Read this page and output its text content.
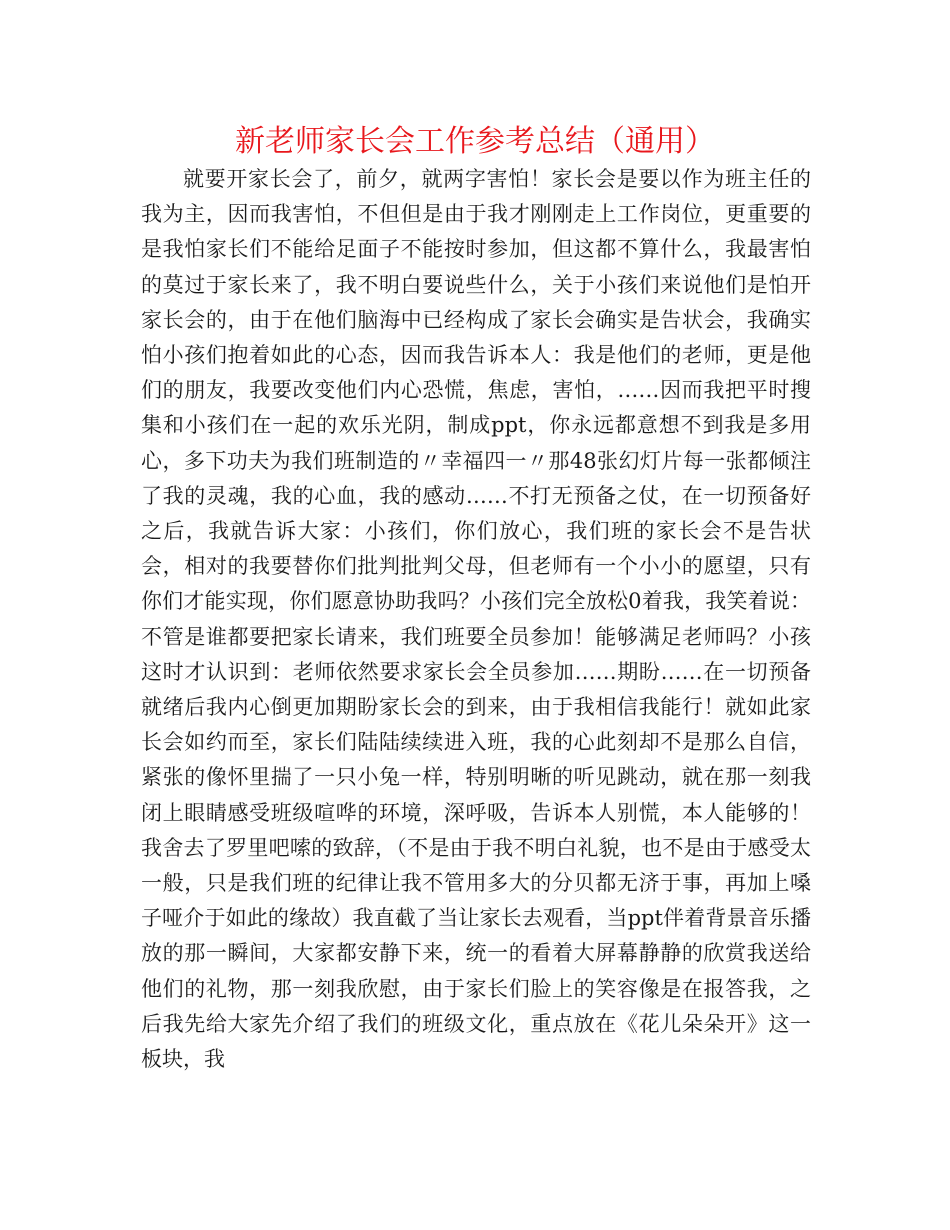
新老师家长会工作参考总结（通用）

就要开家长会了，前夕，就两字害怕！家长会是要以作为班主任的我为主，因而我害怕，不但但是由于我才刚刚走上工作岗位，更重要的是我怕家长们不能给足面子不能按时参加，但这都不算什么，我最害怕的莫过于家长来了，我不明白要说些什么，关于小孩们来说他们是怕开家长会的，由于在他们脑海中已经构成了家长会确实是告状会，我确实怕小孩们抱着如此的心态，因而我告诉本人：我是他们的老师，更是他们的朋友，我要改变他们内心恐慌，焦虑，害怕，……因而我把平时搜集和小孩们在一起的欢乐光阴，制成ppt，你永远都意想不到我是多用心，多下功夫为我们班制造的〃幸福四一〃那48张幻灯片每一张都倾注了我的灵魂，我的心血，我的感动……不打无预备之仗，在一切预备好之后，我就告诉大家：小孩们，你们放心，我们班的家长会不是告状会，相对的我要替你们批判批判父母，但老师有一个小小的愿望，只有你们才能实现，你们愿意协助我吗？小孩们完全放松0着我，我笑着说：不管是谁都要把家长请来，我们班要全员参加！能够满足老师吗？小孩这时才认识到：老师依然要求家长会全员参加……期盼……在一切预备就绪后我内心倒更加期盼家长会的到来，由于我相信我能行！就如此家长会如约而至，家长们陆陆续续进入班，我的心此刻却不是那么自信，紧张的像怀里揣了一只小兔一样，特别明晰的听见跳动，就在那一刻我闭上眼睛感受班级喧哗的环境，深呼吸，告诉本人别慌，本人能够的！我舍去了罗里吧嗦的致辞，（不是由于我不明白礼貌，也不是由于感受太一般，只是我们班的纪律让我不管用多大的分贝都无济于事，再加上嗓子哑介于如此的缘故）我直截了当让家长去观看，当ppt伴着背景音乐播放的那一瞬间，大家都安静下来，统一的看着大屏幕静静的欣赏我送给他们的礼物，那一刻我欣慰，由于家长们脸上的笑容像是在报答我，之后我先给大家先介绍了我们的班级文化，重点放在《花儿朵朵开》这一板块，我
